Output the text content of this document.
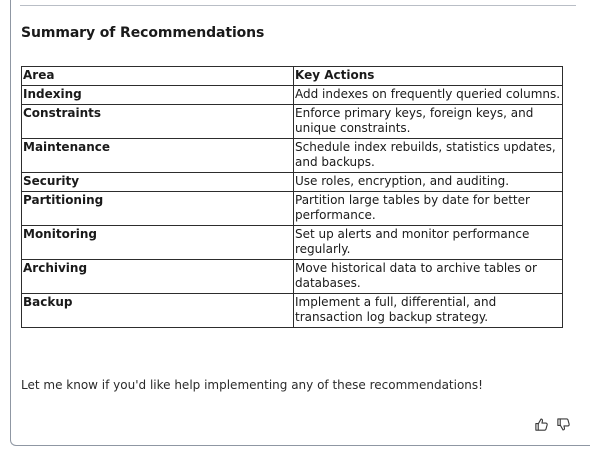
Summary of Recommendations
Area	Key Actions
Indexing	Add indexes on frequently queried columns.
Constraints	Enforce primary keys, foreign keys, and unique constraints.
Maintenance	Schedule index rebuilds, statistics updates, and backups.
Security	Use roles, encryption, and auditing.
Partitioning	Partition large tables by date for better performance.
Monitoring	Set up alerts and monitor performance regularly.
Archiving	Move historical data to archive tables or databases.
Backup	Implement a full, differential, and transaction log backup strategy.
Let me know if you'd like help implementing any of these recommendations!
